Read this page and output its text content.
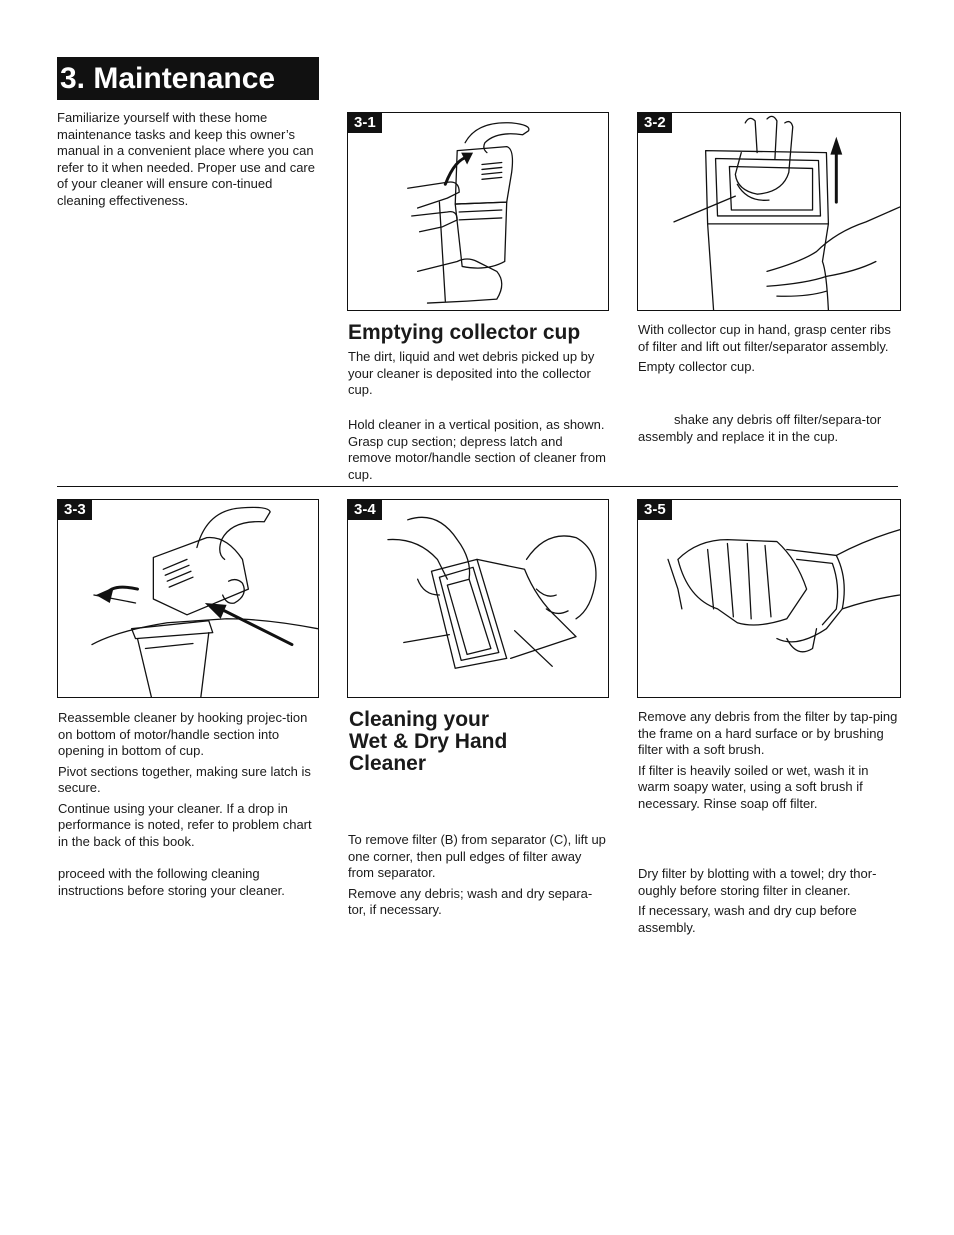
3. Maintenance

Familiarize yourself with these home maintenance tasks and keep this owner’s manual in a convenient place where you can refer to it when needed. Proper use and care of your cleaner will ensure con-tinued cleaning effectiveness.

3-1	3-2
Emptying collector cup

The dirt, liquid and wet debris picked up by your cleaner is deposited into the collector cup.

Hold cleaner in a vertical position, as shown. Grasp cup section; depress latch and remove motor/handle section of cleaner from cup.

With collector cup in hand, grasp center ribs of filter and lift out filter/separator assembly.

Empty collector cup.

shake any debris off filter/separa-tor assembly and replace it in the cup.

3-3	3-4	3-5

Reassemble cleaner by hooking projec-tion on bottom of motor/handle section into opening in bottom of cup.

Pivot sections together, making sure latch is secure.

Continue using your cleaner. If a drop in performance is noted, refer to problem chart in the back of this book.

proceed with the following cleaning instructions before storing your cleaner.

Cleaning your
Wet & Dry Hand
Cleaner

To remove filter (B) from separator (C), lift up one corner, then pull edges of filter away from separator.

Remove any debris; wash and dry separa-tor, if necessary.

Remove any debris from the filter by tap-ping the frame on a hard surface or by brushing filter with a soft brush.

If filter is heavily soiled or wet, wash it in warm soapy water, using a soft brush if necessary. Rinse soap off filter.

Dry filter by blotting with a towel; dry thor-oughly before storing filter in cleaner.

If necessary, wash and dry cup before assembly.
